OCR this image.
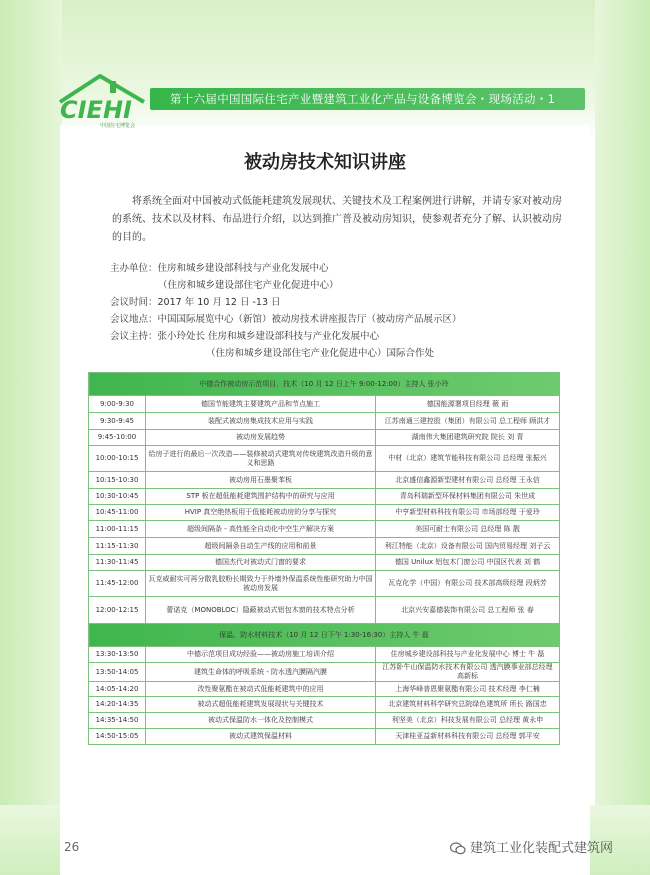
CIEHI
中国住宅博览会
第十六届中国国际住宅产业暨建筑工业化产品与设备博览会・现场活动・1
被动房技术知识讲座
将系统全面对中国被动式低能耗建筑发展现状、关键技术及工程案例进行讲解，并请专家对被动房的系统、技术以及材料、布品进行介绍，以达到推广普及被动房知识，使参观者充分了解、认识被动房的目的。
主办单位：住房和城乡建设部科技与产业化发展中心
（住房和城乡建设部住宅产业化促进中心）
会议时间：2017 年 10 月 12 日 -13 日
会议地点：中国国际展览中心（新馆）被动房技术讲座报告厅（被动房产品展示区）
会议主持：张小玲处长 住房和城乡建设部科技与产业化发展中心
（住房和城乡建设部住宅产业化促进中心）国际合作处
中德合作被动房示范项目、技术（10 月 12 日上午 9:00-12:00）主持人 张小玲		
9:00-9:30	德国节能建筑主要建筑产品和节点施工	德国能源署项目经理 薇 雨
9:30-9:45	装配式被动房集成技术应用与实践	江苏南通三建控股（集团）有限公司 总工程师 顾洪才
9:45-10:00	被动房发展趋势	湖南伟大集团建筑研究院 院长 刘 青
10:00-10:15	给房子进行的最后一次改造——装修被动式建筑对传统建筑改造升级的意义和思路	中材（北京）建筑节能科技有限公司 总经理 张振兴
10:15-10:30	被动房用石墨聚苯板	北京盛信鑫源新型建材有限公司 总经理 王永信
10:30-10:45	STP 板在超低能耗建筑围护结构中的研究与应用	青岛科瑞新型环保材料集团有限公司 朱世成
10:45-11:00	HVIP 真空绝热板用于低能耗被动房的分享与探究	中亨新型材料科技有限公司 市场部经理 于爱玲
11:00-11:15	超级间隔条 - 高性能全自动化中空生产解决方案	美国可耐士有限公司 总经理 陈 靓
11:15-11:30	超级间隔条自动生产线的应用和前景	利江特能（北京）设备有限公司 国内贸易经理 刘子云
11:30-11:45	德国杰代对被动式门窗的要求	德国 Unilux 铝包木门窗公司 中国区代表 刘 鹤
11:45-12:00	瓦克威耐实可再分散乳胶粉长期致力于外墙外保温系统性能研究助力中国被动房发展	瓦克化学（中国）有限公司 技术部高级经理 段炳芳
12:00-12:15	蕾诺克（MONOBLOC）隐蔽被动式铝包木窗的技术特点分析	北京兴安嘉德装饰有限公司 总工程师 张 春
保温、防水材料技术（10 月 12 日下午 1:30-16:30）主持人 牛 磊		
13:30-13:50	中德示范项目成功经验——被动房施工培训介绍	住房城乡建设部科技与产业化发展中心 博士 牛 磊
13:50-14:05	建筑生命体的呼吸系统 - 防水透汽膜隔汽膜	江苏卧牛山保温防水技术有限公司 透汽膜事业部总经理 高新标
14:05-14:20	改性聚氨酯在被动式低能耗建筑中的应用	上海华峰普恩聚氨酯有限公司 技术经理 李仁楠
14:20-14:35	被动式超低能耗建筑发展现状与关键技术	北京建筑材料科学研究总院绿色建筑所 所长 路国忠
14:35-14:50	被动式保温防水一体化及控制模式	利坚美（北京）科技发展有限公司 总经理 黄永申
14:50-15:05	被动式建筑保温材料	天津桂亚益新材料科技有限公司 总经理 郭平安
26	建筑工业化装配式建筑网
